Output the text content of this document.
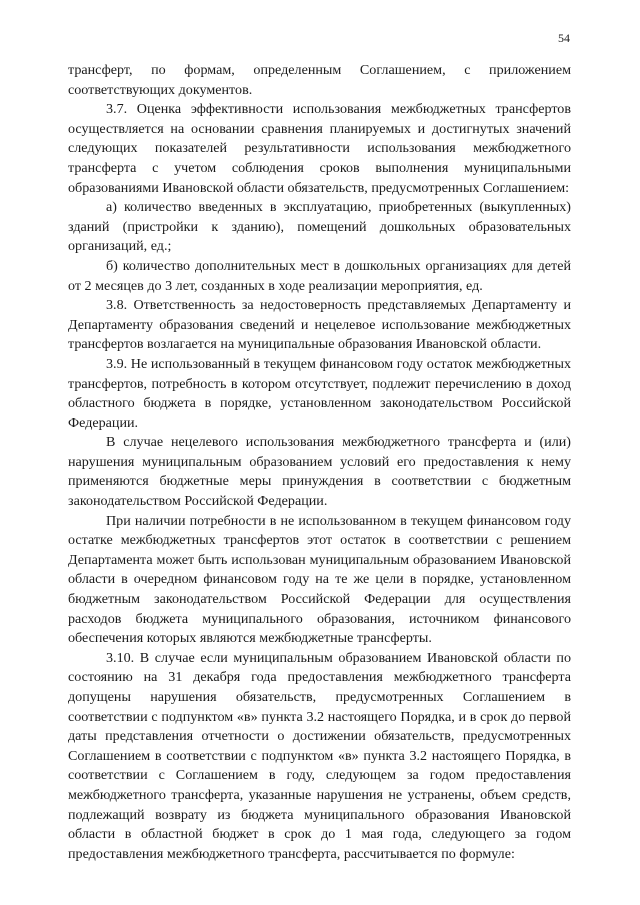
54

трансферт, по формам, определенным Соглашением, с приложением соответствующих документов.

3.7. Оценка эффективности использования межбюджетных трансфертов осуществляется на основании сравнения планируемых и достигнутых значений следующих показателей результативности использования межбюджетного трансферта с учетом соблюдения сроков выполнения муниципальными образованиями Ивановской области обязательств, предусмотренных Соглашением:

а) количество введенных в эксплуатацию, приобретенных (выкупленных) зданий (пристройки к зданию), помещений дошкольных образовательных организаций, ед.;

б) количество дополнительных мест в дошкольных организациях для детей от 2 месяцев до 3 лет, созданных в ходе реализации мероприятия, ед.

3.8. Ответственность за недостоверность представляемых Департаменту и Департаменту образования сведений и нецелевое использование межбюджетных трансфертов возлагается на муниципальные образования Ивановской области.

3.9. Не использованный в текущем финансовом году остаток межбюджетных трансфертов, потребность в котором отсутствует, подлежит перечислению в доход областного бюджета в порядке, установленном законодательством Российской Федерации.

В случае нецелевого использования межбюджетного трансферта и (или) нарушения муниципальным образованием условий его предоставления к нему применяются бюджетные меры принуждения в соответствии с бюджетным законодательством Российской Федерации.

При наличии потребности в не использованном в текущем финансовом году остатке межбюджетных трансфертов этот остаток в соответствии с решением Департамента может быть использован муниципальным образованием Ивановской области в очередном финансовом году на те же цели в порядке, установленном бюджетным законодательством Российской Федерации для осуществления расходов бюджета муниципального образования, источником финансового обеспечения которых являются межбюджетные трансферты.

3.10. В случае если муниципальным образованием Ивановской области по состоянию на 31 декабря года предоставления межбюджетного трансферта допущены нарушения обязательств, предусмотренных Соглашением в соответствии с подпунктом «в» пункта 3.2 настоящего Порядка, и в срок до первой даты представления отчетности о достижении обязательств, предусмотренных Соглашением в соответствии с подпунктом «в» пункта 3.2 настоящего Порядка, в соответствии с Соглашением в году, следующем за годом предоставления межбюджетного трансферта, указанные нарушения не устранены, объем средств, подлежащий возврату из бюджета муниципального образования Ивановской области в областной бюджет в срок до 1 мая года, следующего за годом предоставления межбюджетного трансферта, рассчитывается по формуле:
